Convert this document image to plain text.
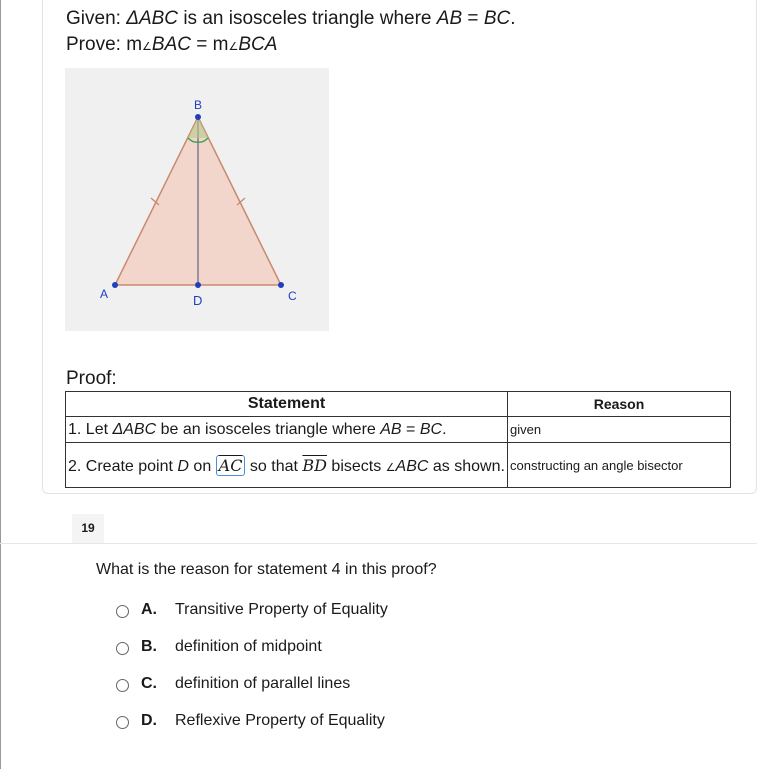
Given: ΔABC is an isosceles triangle where AB = BC.
Prove: m∠BAC = m∠BCA
B
A	D	C
Proof:
Statement	Reason
1. Let ΔABC be an isosceles triangle where AB = BC.	given
2. Create point D on $\overline{AC}$ so that $\overline{BD}$ bisects ∠ABC as shown.	constructing an angle bisector
19
What is the reason for statement 4 in this proof?
A. Transitive Property of Equality
B. definition of midpoint
C. definition of parallel lines
D. Reflexive Property of Equality
